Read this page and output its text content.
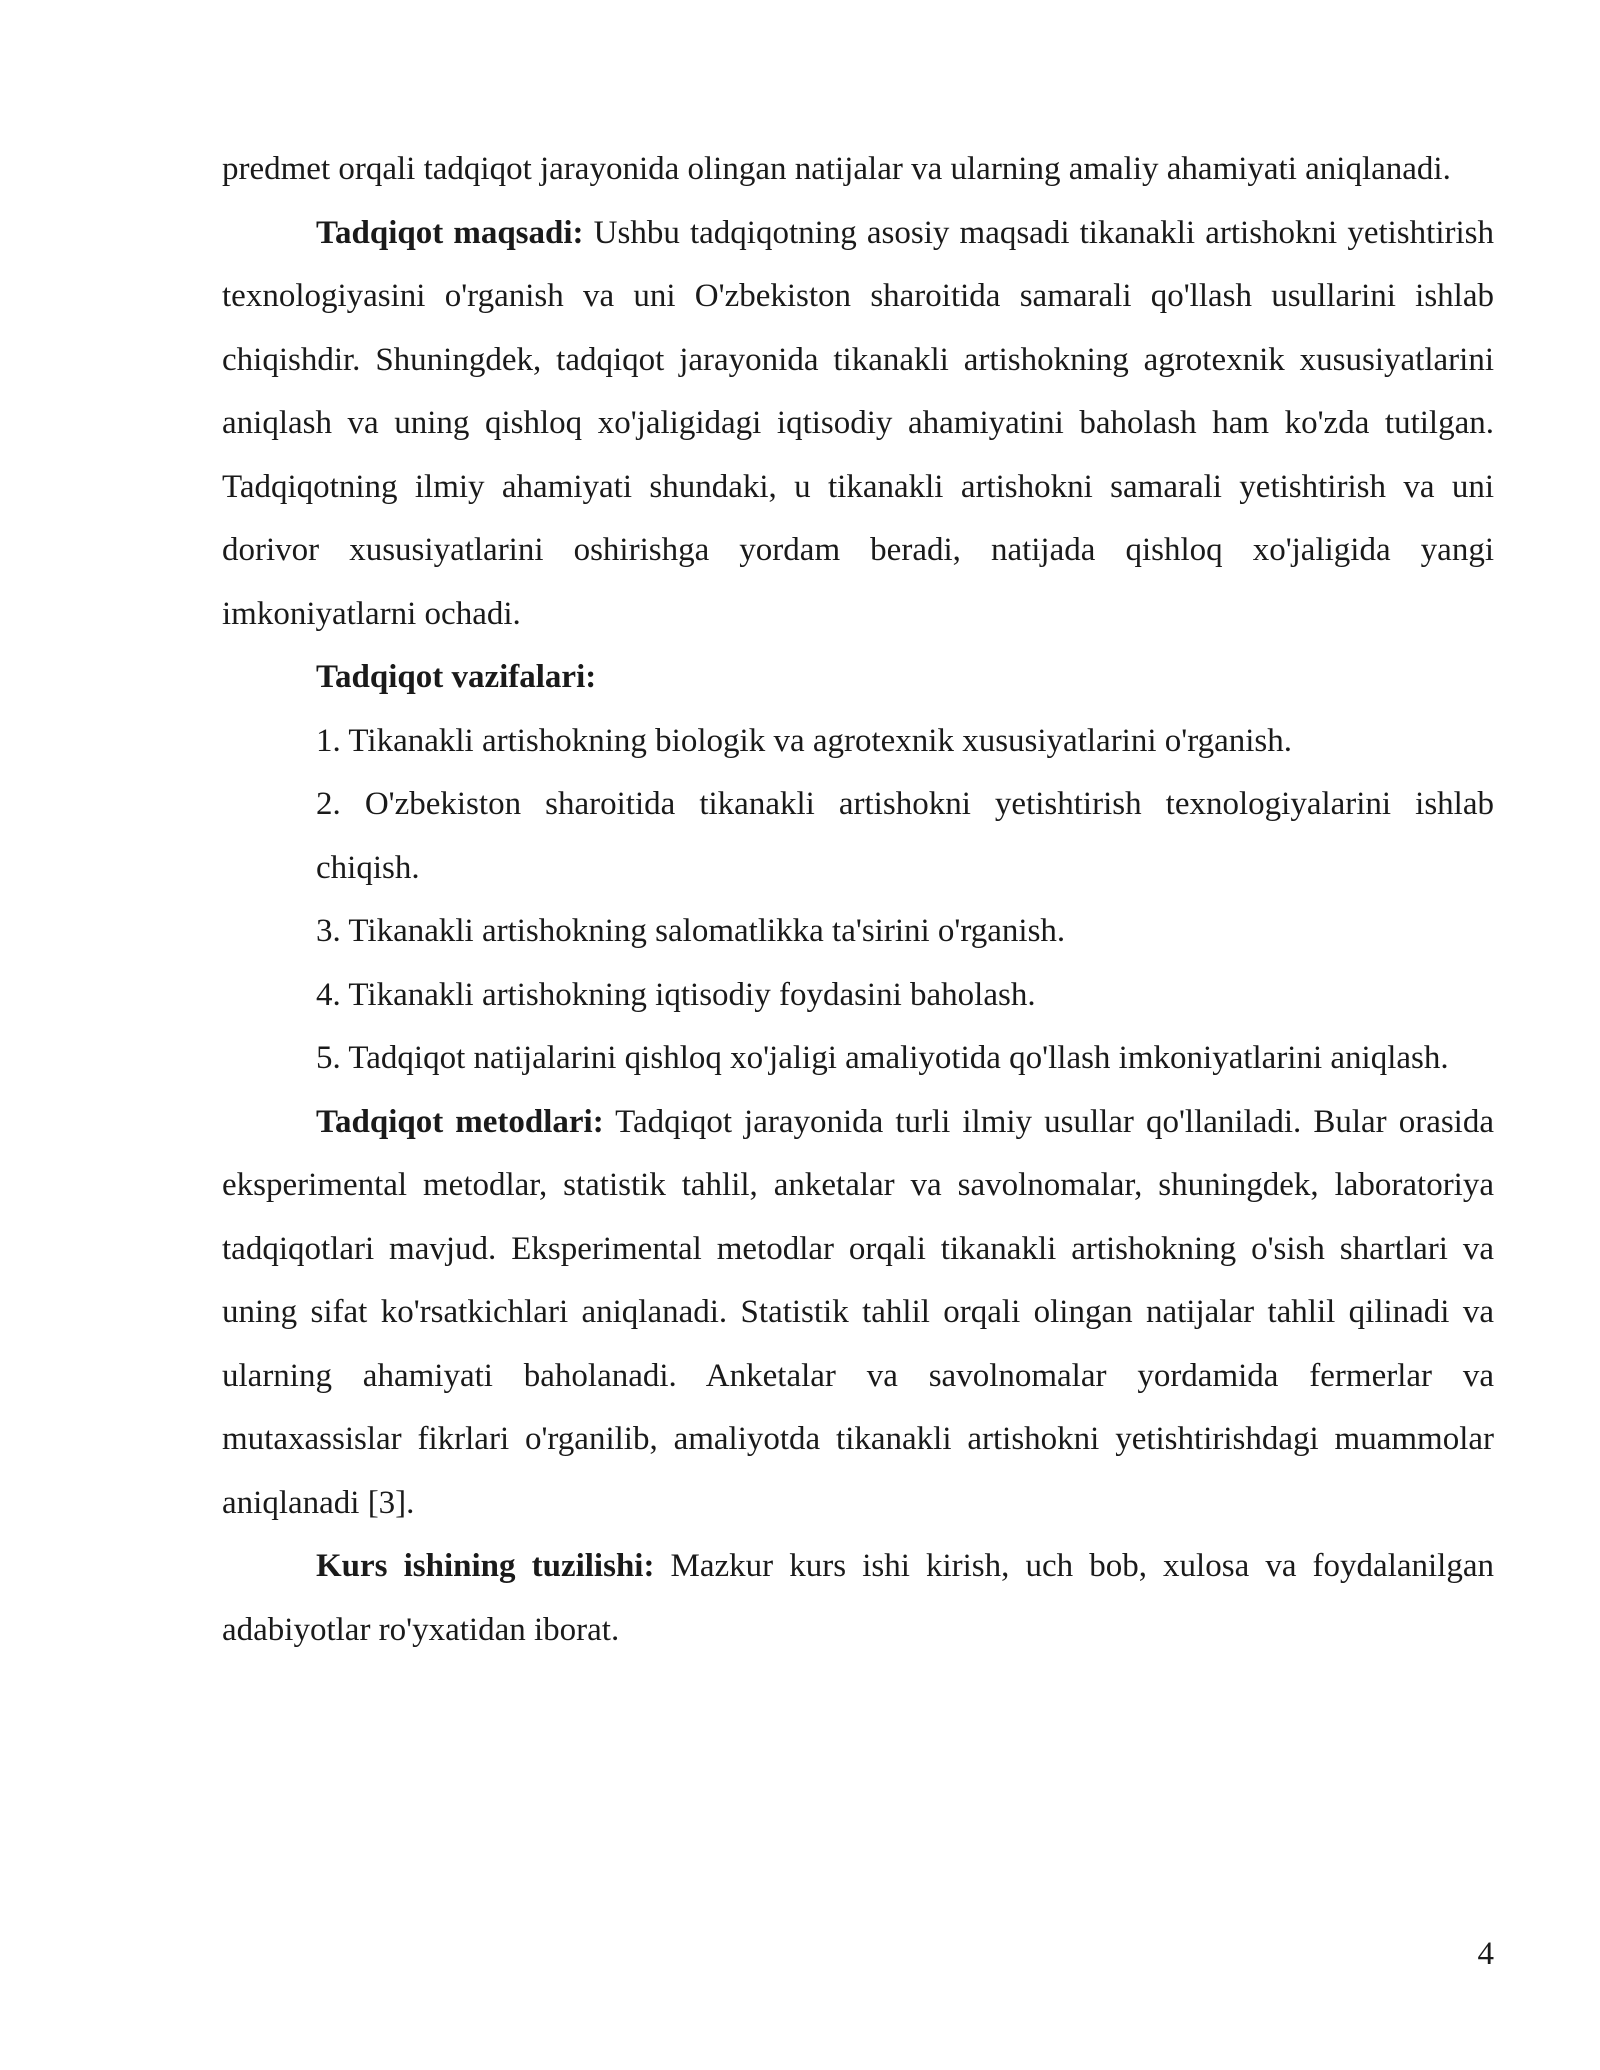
predmet orqali tadqiqot jarayonida olingan natijalar va ularning amaliy ahamiyati aniqlanadi.

Tadqiqot maqsadi: Ushbu tadqiqotning asosiy maqsadi tikanakli artishokni yetishtirish texnologiyasini o'rganish va uni O'zbekiston sharoitida samarali qo'llash usullarini ishlab chiqishdir. Shuningdek, tadqiqot jarayonida tikanakli artishokning agrotexnik xususiyatlarini aniqlash va uning qishloq xo'jaligidagi iqtisodiy ahamiyatini baholash ham ko'zda tutilgan. Tadqiqotning ilmiy ahamiyati shundaki, u tikanakli artishokni samarali yetishtirish va uni dorivor xususiyatlarini oshirishga yordam beradi, natijada qishloq xo'jaligida yangi imkoniyatlarni ochadi.

Tadqiqot vazifalari:

1. Tikanakli artishokning biologik va agrotexnik xususiyatlarini o'rganish.

2. O'zbekiston sharoitida tikanakli artishokni yetishtirish texnologiyalarini ishlab chiqish.

3. Tikanakli artishokning salomatlikka ta'sirini o'rganish.

4. Tikanakli artishokning iqtisodiy foydasini baholash.

5. Tadqiqot natijalarini qishloq xo'jaligi amaliyotida qo'llash imkoniyatlarini aniqlash.

Tadqiqot metodlari: Tadqiqot jarayonida turli ilmiy usullar qo'llaniladi. Bular orasida eksperimental metodlar, statistik tahlil, anketalar va savolnomalar, shuningdek, laboratoriya tadqiqotlari mavjud. Eksperimental metodlar orqali tikanakli artishokning o'sish shartlari va uning sifat ko'rsatkichlari aniqlanadi. Statistik tahlil orqali olingan natijalar tahlil qilinadi va ularning ahamiyati baholanadi. Anketalar va savolnomalar yordamida fermerlar va mutaxassislar fikrlari o'rganilib, amaliyotda tikanakli artishokni yetishtirishdagi muammolar aniqlanadi [3].

Kurs ishining tuzilishi: Mazkur kurs ishi kirish, uch bob, xulosa va foydalanilgan adabiyotlar ro'yxatidan iborat.

4
